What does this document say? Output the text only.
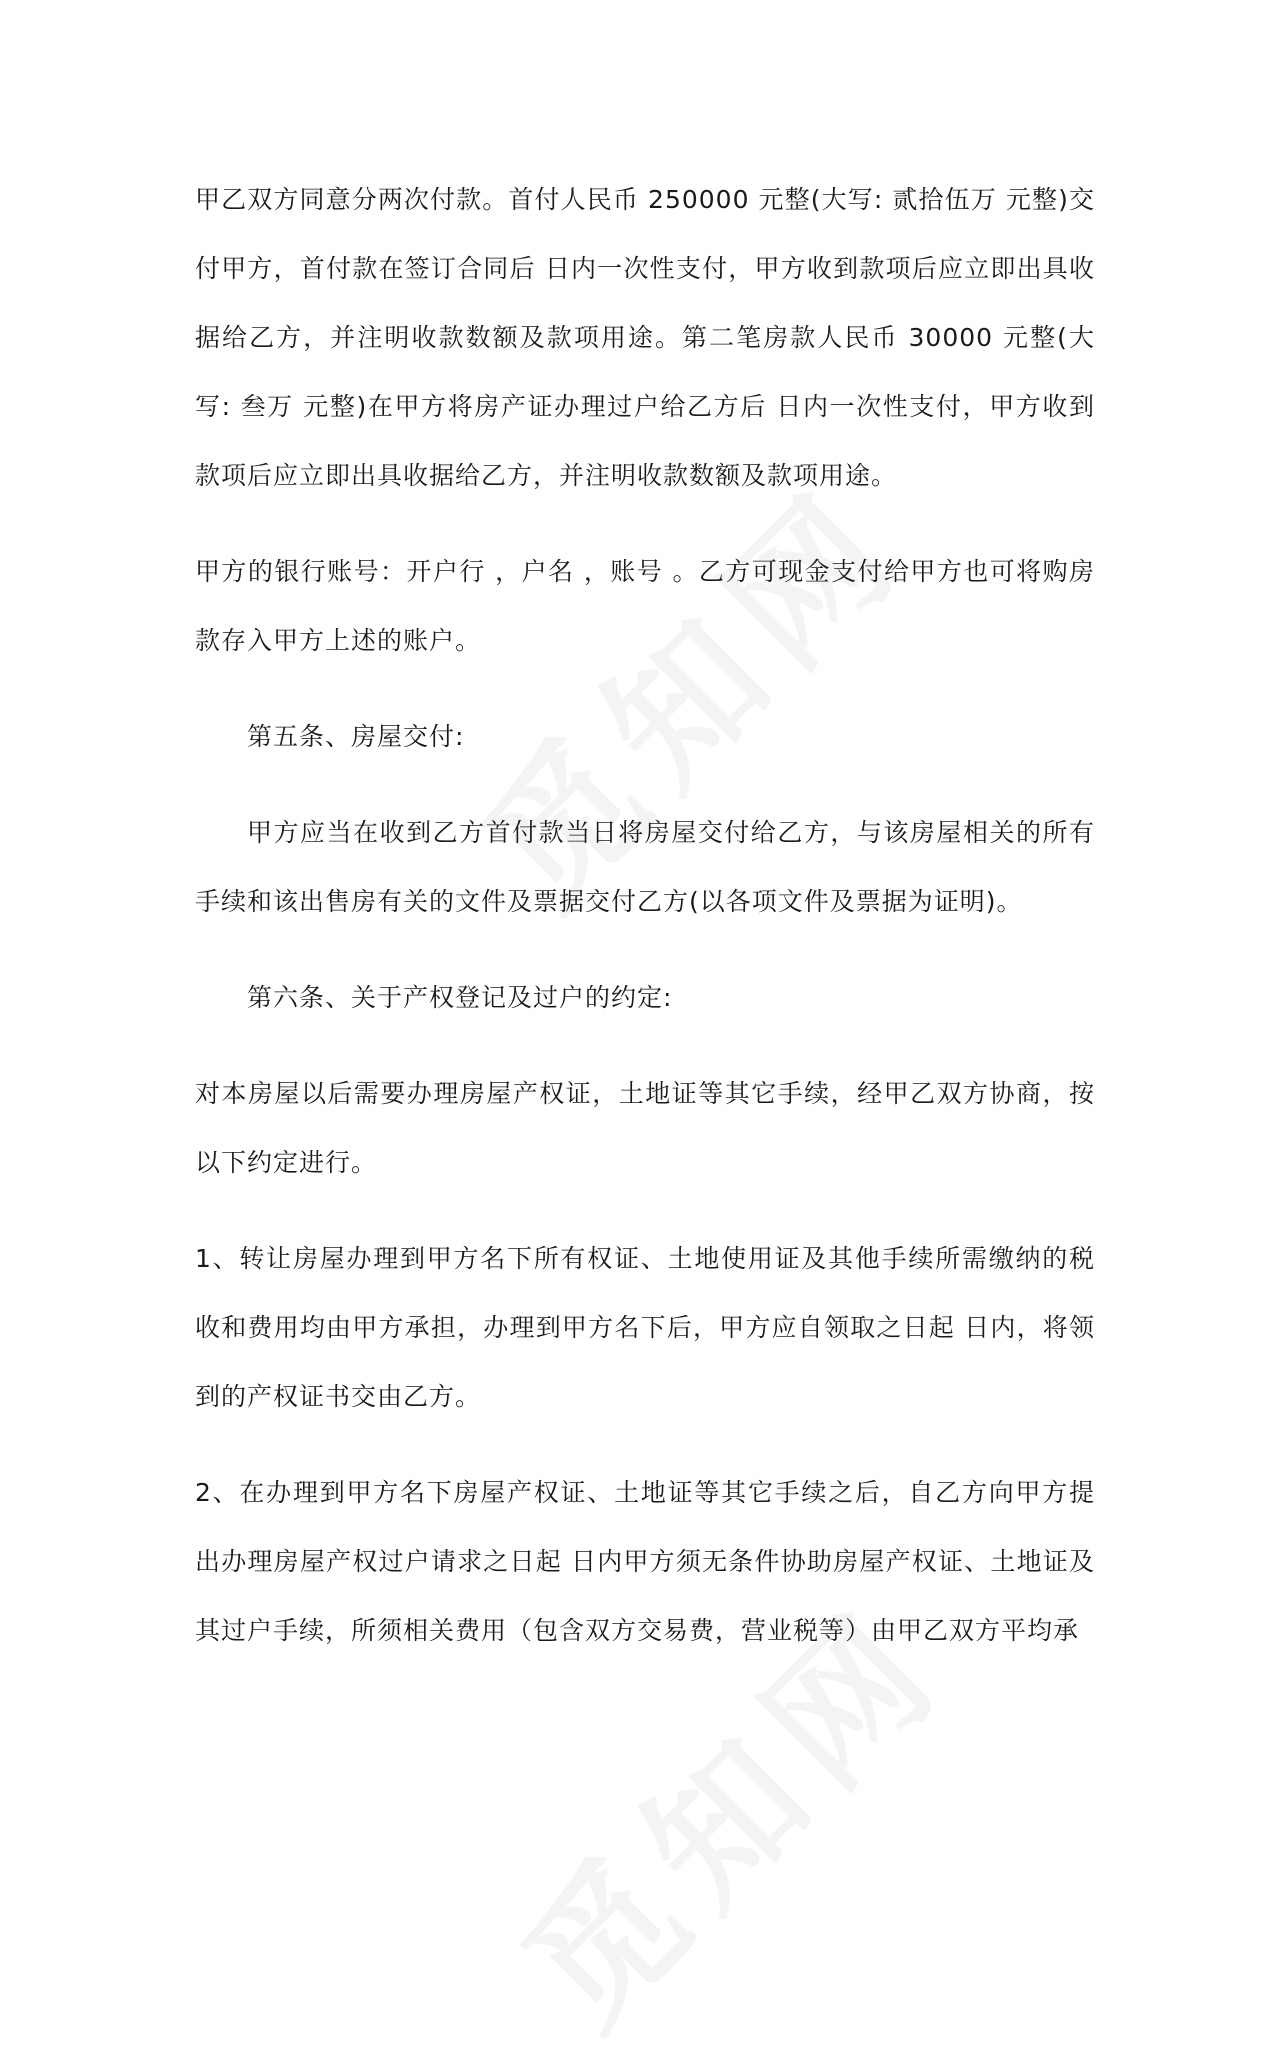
甲乙双方同意分两次付款。首付人民币 250000 元整(大写: 贰拾伍万 元整)交付甲方，首付款在签订合同后 日内一次性支付，甲方收到款项后应立即出具收据给乙方，并注明收款数额及款项用途。第二笔房款人民币 30000 元整(大写: 叁万 元整)在甲方将房产证办理过户给乙方后 日内一次性支付，甲方收到款项后应立即出具收据给乙方，并注明收款数额及款项用途。

甲方的银行账号：开户行 ，户名 ，账号 。乙方可现金支付给甲方也可将购房款存入甲方上述的账户。

第五条、房屋交付:

甲方应当在收到乙方首付款当日将房屋交付给乙方，与该房屋相关的所有手续和该出售房有关的文件及票据交付乙方(以各项文件及票据为证明)。

第六条、关于产权登记及过户的约定:

对本房屋以后需要办理房屋产权证，土地证等其它手续，经甲乙双方协商，按以下约定进行。

1、转让房屋办理到甲方名下所有权证、土地使用证及其他手续所需缴纳的税收和费用均由甲方承担，办理到甲方名下后，甲方应自领取之日起 日内，将领到的产权证书交由乙方。

2、在办理到甲方名下房屋产权证、土地证等其它手续之后，自乙方向甲方提出办理房屋产权过户请求之日起 日内甲方须无条件协助房屋产权证、土地证及其过户手续，所须相关费用（包含双方交易费，营业税等）由甲乙双方平均承
